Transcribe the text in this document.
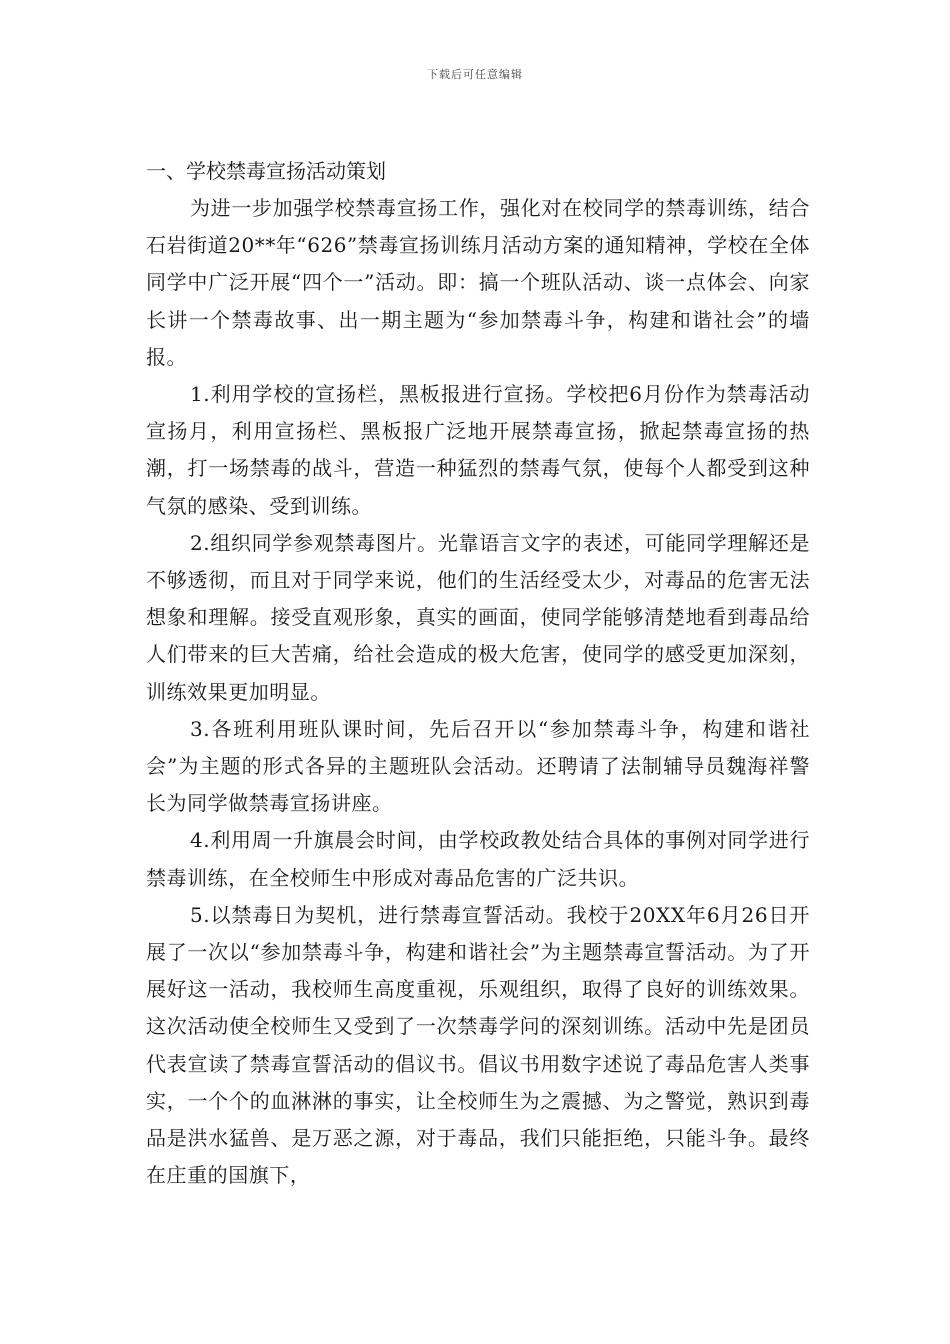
下载后可任意编辑

一、学校禁毒宣扬活动策划

为进一步加强学校禁毒宣扬工作，强化对在校同学的禁毒训练，结合石岩街道20**年“626”禁毒宣扬训练月活动方案的通知精神，学校在全体同学中广泛开展“四个一”活动。即：搞一个班队活动、谈一点体会、向家长讲一个禁毒故事、出一期主题为“参加禁毒斗争，构建和谐社会”的墙报。

1.利用学校的宣扬栏，黑板报进行宣扬。学校把6月份作为禁毒活动宣扬月，利用宣扬栏、黑板报广泛地开展禁毒宣扬，掀起禁毒宣扬的热潮，打一场禁毒的战斗，营造一种猛烈的禁毒气氛，使每个人都受到这种气氛的感染、受到训练。

2.组织同学参观禁毒图片。光靠语言文字的表述，可能同学理解还是不够透彻，而且对于同学来说，他们的生活经受太少，对毒品的危害无法想象和理解。接受直观形象，真实的画面，使同学能够清楚地看到毒品给人们带来的巨大苦痛，给社会造成的极大危害，使同学的感受更加深刻，训练效果更加明显。

3.各班利用班队课时间，先后召开以“参加禁毒斗争，构建和谐社会”为主题的形式各异的主题班队会活动。还聘请了法制辅导员魏海祥警长为同学做禁毒宣扬讲座。

4.利用周一升旗晨会时间，由学校政教处结合具体的事例对同学进行禁毒训练，在全校师生中形成对毒品危害的广泛共识。

5.以禁毒日为契机，进行禁毒宣誓活动。我校于20XX年6月26日开展了一次以“参加禁毒斗争，构建和谐社会”为主题禁毒宣誓活动。为了开展好这一活动，我校师生高度重视，乐观组织，取得了良好的训练效果。这次活动使全校师生又受到了一次禁毒学问的深刻训练。活动中先是团员代表宣读了禁毒宣誓活动的倡议书。倡议书用数字述说了毒品危害人类事实，一个个的血淋淋的事实，让全校师生为之震撼、为之警觉，熟识到毒品是洪水猛兽、是万恶之源，对于毒品，我们只能拒绝，只能斗争。最终在庄重的国旗下，
